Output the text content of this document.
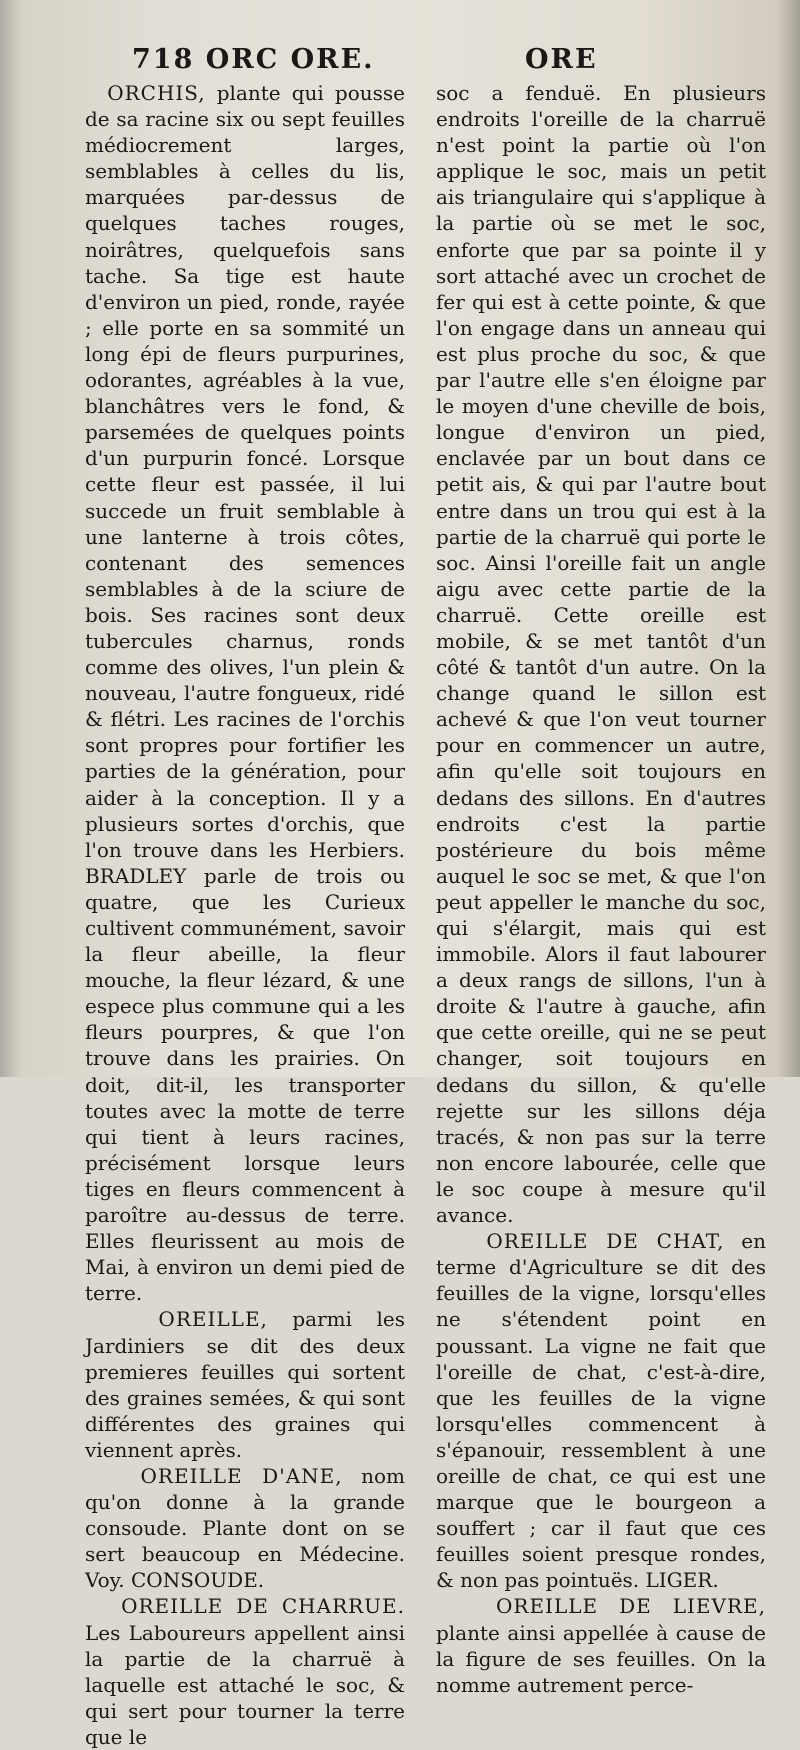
718 ORC ORE.	ORE

ORCHIS, plante qui pousse de sa racine six ou sept feuilles médiocrement larges, semblables à celles du lis, marquées par-dessus de quelques taches rouges, noirâtres, quelquefois sans tache. Sa tige est haute d'environ un pied, ronde, rayée ; elle porte en sa sommité un long épi de fleurs purpurines, odorantes, agréables à la vue, blanchâtres vers le fond, & parsemées de quelques points d'un purpurin foncé. Lorsque cette fleur est passée, il lui succede un fruit semblable à une lanterne à trois côtes, contenant des semences semblables à de la sciure de bois. Ses racines sont deux tubercules charnus, ronds comme des olives, l'un plein & nouveau, l'autre fongueux, ridé & flétri. Les racines de l'orchis sont propres pour fortifier les parties de la génération, pour aider à la conception. Il y a plusieurs sortes d'orchis, que l'on trouve dans les Herbiers. BRADLEY parle de trois ou quatre, que les Curieux cultivent communément, savoir la fleur abeille, la fleur mouche, la fleur lézard, & une espece plus commune qui a les fleurs pourpres, & que l'on trouve dans les prairies. On doit, dit-il, les transporter toutes avec la motte de terre qui tient à leurs racines, précisément lorsque leurs tiges en fleurs commencent à paroître au-dessus de terre. Elles fleurissent au mois de Mai, à environ un demi pied de terre.

OREILLE, parmi les Jardiniers se dit des deux premieres feuilles qui sortent des graines semées, & qui sont différentes des graines qui viennent après.

OREILLE D'ANE, nom qu'on donne à la grande consoude. Plante dont on se sert beaucoup en Médecine. Voy. CONSOUDE.

OREILLE DE CHARRUE. Les Laboureurs appellent ainsi la partie de la charruë à laquelle est attaché le soc, & qui sert pour tourner la terre que le

soc a fenduë. En plusieurs endroits l'oreille de la charruë n'est point la partie où l'on applique le soc, mais un petit ais triangulaire qui s'applique à la partie où se met le soc, enforte que par sa pointe il y sort attaché avec un crochet de fer qui est à cette pointe, & que l'on engage dans un anneau qui est plus proche du soc, & que par l'autre elle s'en éloigne par le moyen d'une cheville de bois, longue d'environ un pied, enclavée par un bout dans ce petit ais, & qui par l'autre bout entre dans un trou qui est à la partie de la charruë qui porte le soc. Ainsi l'oreille fait un angle aigu avec cette partie de la charruë. Cette oreille est mobile, & se met tantôt d'un côté & tantôt d'un autre. On la change quand le sillon est achevé & que l'on veut tourner pour en commencer un autre, afin qu'elle soit toujours en dedans des sillons. En d'autres endroits c'est la partie postérieure du bois même auquel le soc se met, & que l'on peut appeller le manche du soc, qui s'élargit, mais qui est immobile. Alors il faut labourer a deux rangs de sillons, l'un à droite & l'autre à gauche, afin que cette oreille, qui ne se peut changer, soit toujours en dedans du sillon, & qu'elle rejette sur les sillons déja tracés, & non pas sur la terre non encore labourée, celle que le soc coupe à mesure qu'il avance.

OREILLE DE CHAT, en terme d'Agriculture se dit des feuilles de la vigne, lorsqu'elles ne s'étendent point en poussant. La vigne ne fait que l'oreille de chat, c'est-à-dire, que les feuilles de la vigne lorsqu'elles commencent à s'épanouir, ressemblent à une oreille de chat, ce qui est une marque que le bourgeon a souffert ; car il faut que ces feuilles soient presque rondes, & non pas pointuës. LIGER.

OREILLE DE LIEVRE, plante ainsi appellée à cause de la figure de ses feuilles. On la nomme autrement perce-
